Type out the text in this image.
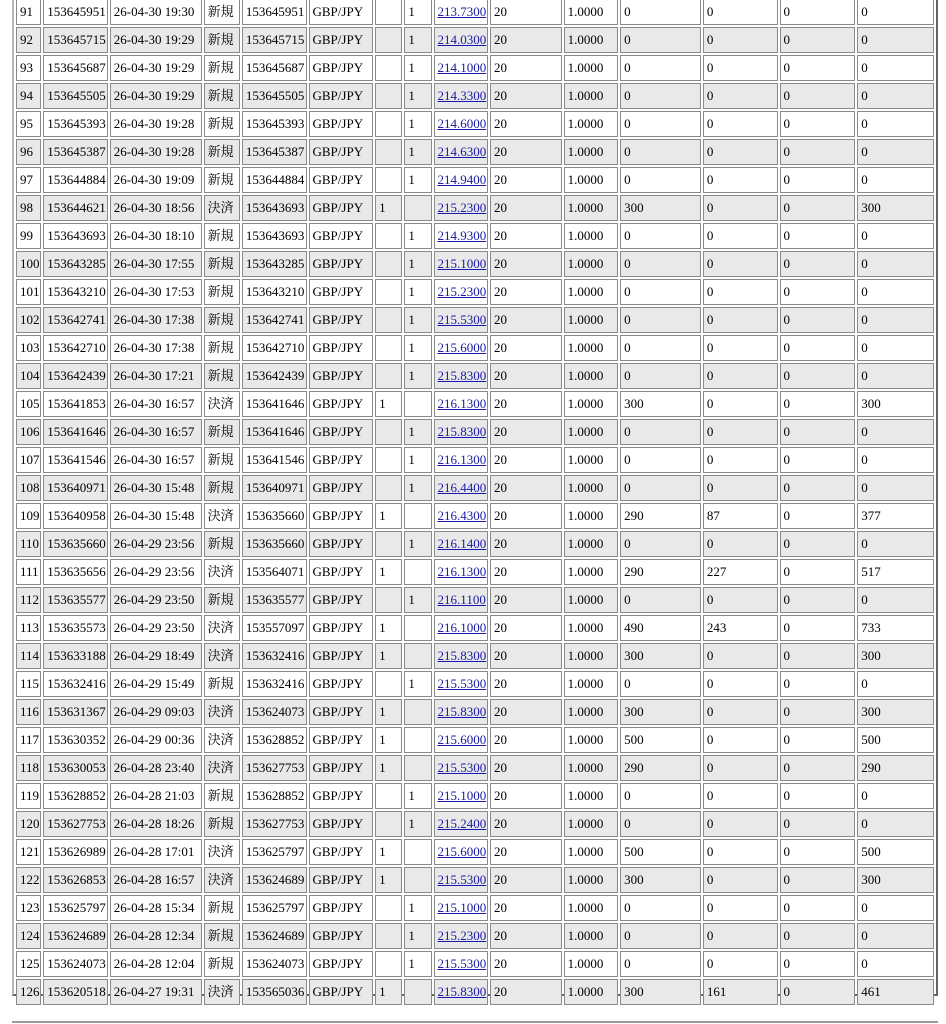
91	153645951	26-04-30 19:30	新規	153645951	GBP/JPY		1	213.7300	20	1.0000	0	0	0	0
92	153645715	26-04-30 19:29	新規	153645715	GBP/JPY		1	214.0300	20	1.0000	0	0	0	0
93	153645687	26-04-30 19:29	新規	153645687	GBP/JPY		1	214.1000	20	1.0000	0	0	0	0
94	153645505	26-04-30 19:29	新規	153645505	GBP/JPY		1	214.3300	20	1.0000	0	0	0	0
95	153645393	26-04-30 19:28	新規	153645393	GBP/JPY		1	214.6000	20	1.0000	0	0	0	0
96	153645387	26-04-30 19:28	新規	153645387	GBP/JPY		1	214.6300	20	1.0000	0	0	0	0
97	153644884	26-04-30 19:09	新規	153644884	GBP/JPY		1	214.9400	20	1.0000	0	0	0	0
98	153644621	26-04-30 18:56	決済	153643693	GBP/JPY	1		215.2300	20	1.0000	300	0	0	300
99	153643693	26-04-30 18:10	新規	153643693	GBP/JPY		1	214.9300	20	1.0000	0	0	0	0
100	153643285	26-04-30 17:55	新規	153643285	GBP/JPY		1	215.1000	20	1.0000	0	0	0	0
101	153643210	26-04-30 17:53	新規	153643210	GBP/JPY		1	215.2300	20	1.0000	0	0	0	0
102	153642741	26-04-30 17:38	新規	153642741	GBP/JPY		1	215.5300	20	1.0000	0	0	0	0
103	153642710	26-04-30 17:38	新規	153642710	GBP/JPY		1	215.6000	20	1.0000	0	0	0	0
104	153642439	26-04-30 17:21	新規	153642439	GBP/JPY		1	215.8300	20	1.0000	0	0	0	0
105	153641853	26-04-30 16:57	決済	153641646	GBP/JPY	1		216.1300	20	1.0000	300	0	0	300
106	153641646	26-04-30 16:57	新規	153641646	GBP/JPY		1	215.8300	20	1.0000	0	0	0	0
107	153641546	26-04-30 16:57	新規	153641546	GBP/JPY		1	216.1300	20	1.0000	0	0	0	0
108	153640971	26-04-30 15:48	新規	153640971	GBP/JPY		1	216.4400	20	1.0000	0	0	0	0
109	153640958	26-04-30 15:48	決済	153635660	GBP/JPY	1		216.4300	20	1.0000	290	87	0	377
110	153635660	26-04-29 23:56	新規	153635660	GBP/JPY		1	216.1400	20	1.0000	0	0	0	0
111	153635656	26-04-29 23:56	決済	153564071	GBP/JPY	1		216.1300	20	1.0000	290	227	0	517
112	153635577	26-04-29 23:50	新規	153635577	GBP/JPY		1	216.1100	20	1.0000	0	0	0	0
113	153635573	26-04-29 23:50	決済	153557097	GBP/JPY	1		216.1000	20	1.0000	490	243	0	733
114	153633188	26-04-29 18:49	決済	153632416	GBP/JPY	1		215.8300	20	1.0000	300	0	0	300
115	153632416	26-04-29 15:49	新規	153632416	GBP/JPY		1	215.5300	20	1.0000	0	0	0	0
116	153631367	26-04-29 09:03	決済	153624073	GBP/JPY	1		215.8300	20	1.0000	300	0	0	300
117	153630352	26-04-29 00:36	決済	153628852	GBP/JPY	1		215.6000	20	1.0000	500	0	0	500
118	153630053	26-04-28 23:40	決済	153627753	GBP/JPY	1		215.5300	20	1.0000	290	0	0	290
119	153628852	26-04-28 21:03	新規	153628852	GBP/JPY		1	215.1000	20	1.0000	0	0	0	0
120	153627753	26-04-28 18:26	新規	153627753	GBP/JPY		1	215.2400	20	1.0000	0	0	0	0
121	153626989	26-04-28 17:01	決済	153625797	GBP/JPY	1		215.6000	20	1.0000	500	0	0	500
122	153626853	26-04-28 16:57	決済	153624689	GBP/JPY	1		215.5300	20	1.0000	300	0	0	300
123	153625797	26-04-28 15:34	新規	153625797	GBP/JPY		1	215.1000	20	1.0000	0	0	0	0
124	153624689	26-04-28 12:34	新規	153624689	GBP/JPY		1	215.2300	20	1.0000	0	0	0	0
125	153624073	26-04-28 12:04	新規	153624073	GBP/JPY		1	215.5300	20	1.0000	0	0	0	0
126	153620518	26-04-27 19:31	決済	153565036	GBP/JPY	1		215.8300	20	1.0000	300	161	0	461
